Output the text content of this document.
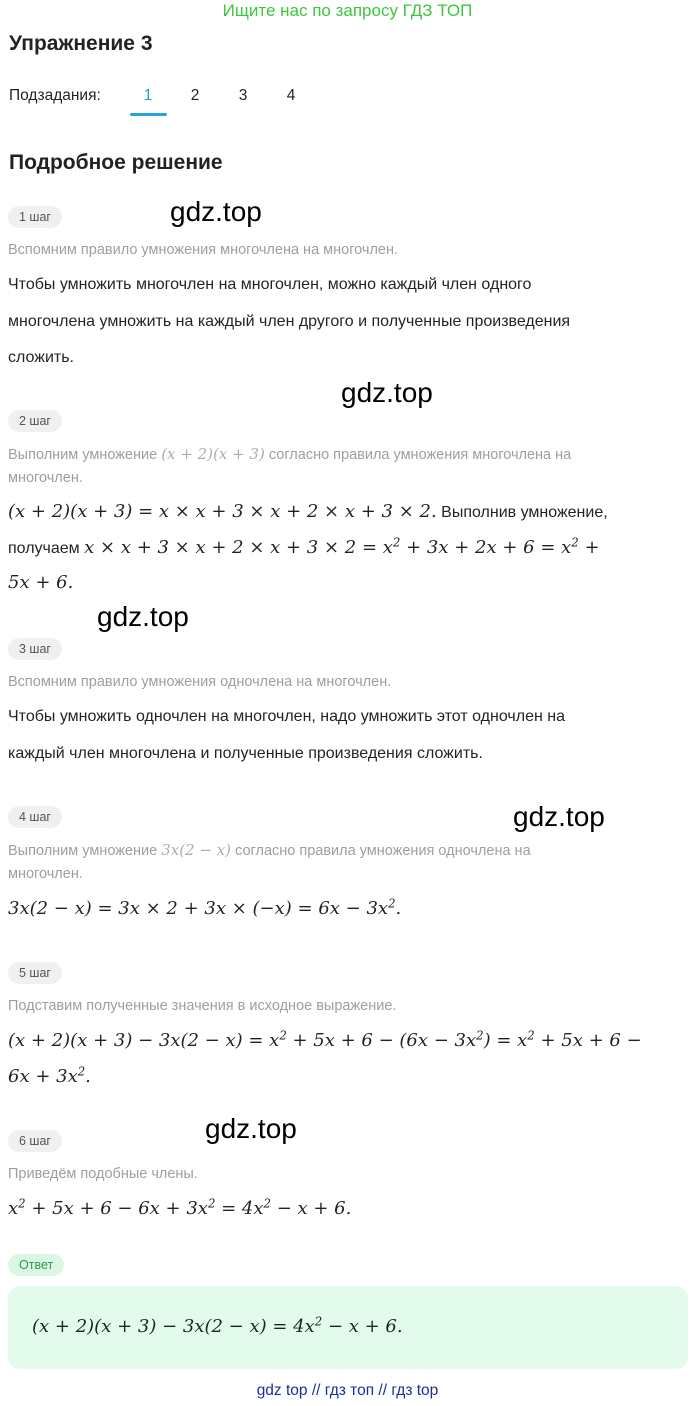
Ищите нас по запросу ГДЗ ТОП
Упражнение 3
Подзадания:	1	2	3	4
Подробное решение
gdz.top
gdz.top
gdz.top
gdz.top
gdz.top
1 шаг
Вспомним правило умножения многочлена на многочлен.
Чтобы умножить многочлен на многочлен, можно каждый член одного
многочлена умножить на каждый член другого и полученные произведения
сложить.
2 шаг
Выполним умножение (x + 2)(x + 3) согласно правила умножения многочлена на
многочлен.
(x + 2)(x + 3) = x × x + 3 × x + 2 × x + 3 × 2. Выполнив умножение,
получаем $x \times x + 3 \times x + 2 \times x + 3 \times 2 = x^2 + 3x + 2x + 6 = x^2$ +
5x + 6.
3 шаг
Вспомним правило умножения одночлена на многочлен.
Чтобы умножить одночлен на многочлен, надо умножить этот одночлен на
каждый член многочлена и полученные произведения сложить.
4 шаг
Выполним умножение 3x(2 − x) согласно правила умножения одночлена на
многочлен.
$3x(2 - x) = 3x \times 2 + 3x \times (-x) = 6x - 3x^2$.
5 шаг
Подставим полученные значения в исходное выражение.
$(x + 2)(x + 3) - 3x(2 - x) = x^2 + 5x + 6 - (6x - 3x^2) = x^2 + 5x + 6$ −
$6x + 3x^2$.
6 шаг
Приведём подобные члены.
$x^2 + 5x + 6 - 6x + 3x^2 = 4x^2 - x + 6$.
Ответ
$(x + 2)(x + 3) - 3x(2 - x) = 4x^2 - x + 6$.
gdz top // гдз топ // гдз top
